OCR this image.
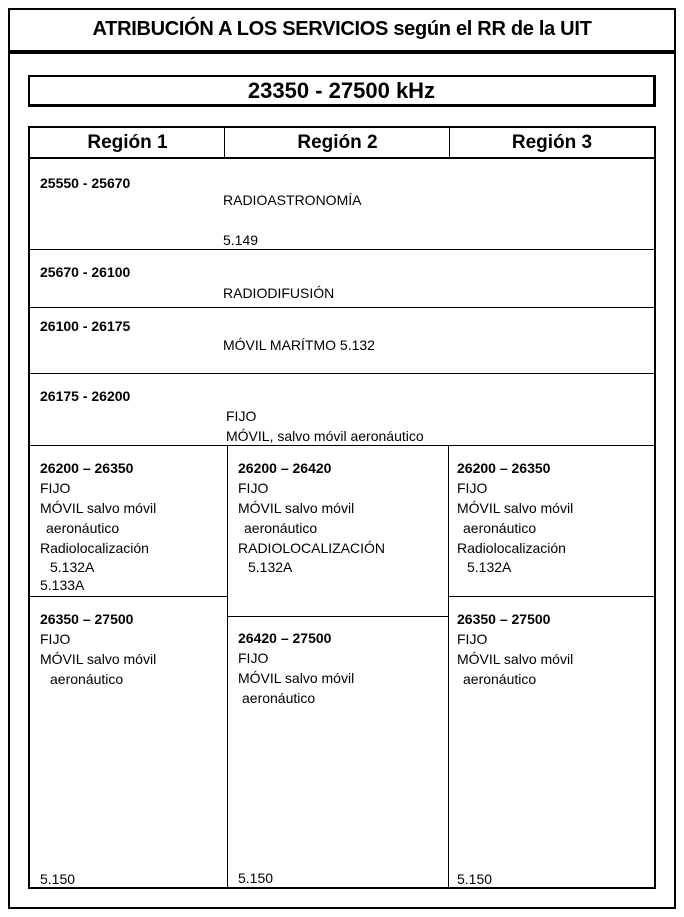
ATRIBUCIÓN A LOS SERVICIOS según el RR de la UIT
23350 - 27500 kHz
Región 1	Región 2	Región 3
25550 - 25670
RADIOASTRONOMÍA
5.149
25670 - 26100
RADIODIFUSIÓN
26100 - 26175
MÓVIL MARÍTMO 5.132
26175 - 26200
FIJO
MÓVIL, salvo móvil aeronáutico
26200 – 26350
FIJO
MÓVIL salvo móvil
aeronáutico
Radiolocalización
5.132A
5.133A
26350 – 27500
FIJO
MÓVIL salvo móvil
aeronáutico
5.150
26200 – 26420
FIJO
MÓVIL salvo móvil
aeronáutico
RADIOLOCALIZACIÓN
5.132A
26420 – 27500
FIJO
MÓVIL salvo móvil
aeronáutico
5.150
26200 – 26350
FIJO
MÓVIL salvo móvil
aeronáutico
Radiolocalización
5.132A
26350 – 27500
FIJO
MÓVIL salvo móvil
aeronáutico
5.150
